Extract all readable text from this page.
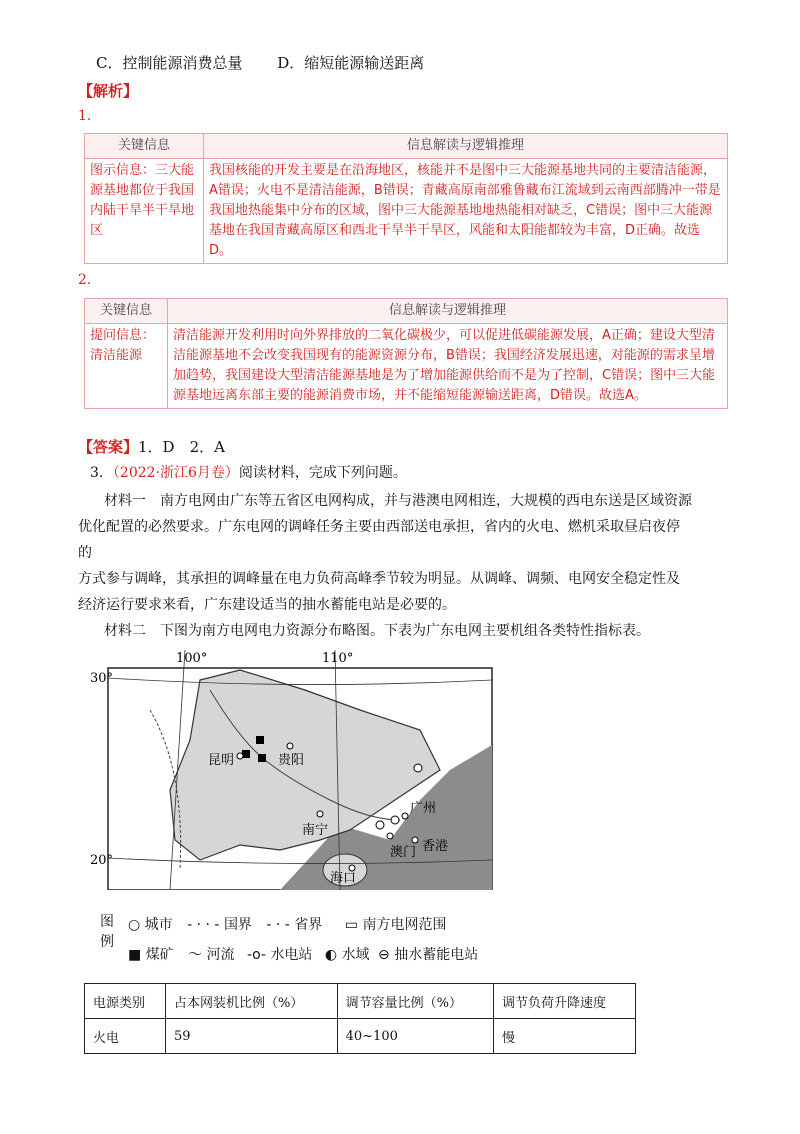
C．控制能源消费总量 D．缩短能源输送距离
【解析】
1.
关键信息	信息解读与逻辑推理
图示信息：三大能源基地都位于我国内陆干旱半干旱地区	我国核能的开发主要是在沿海地区，核能并不是图中三大能源基地共同的主要清洁能源，A错误；火电不是清洁能源，B错误；青藏高原南部雅鲁藏布江流域到云南西部腾冲一带是我国地热能集中分布的区域，图中三大能源基地地热能相对缺乏，C错误；图中三大能源基地在我国青藏高原区和西北干旱半干旱区，风能和太阳能都较为丰富，D正确。故选D。
2.
关键信息	信息解读与逻辑推理
提问信息：清洁能源	清洁能源开发利用时向外界排放的二氧化碳极少，可以促进低碳能源发展，A正确；建设大型清洁能源基地不会改变我国现有的能源资源分布，B错误；我国经济发展迅速，对能源的需求呈增加趋势，我国建设大型清洁能源基地是为了增加能源供给而不是为了控制，C错误；图中三大能源基地远离东部主要的能源消费市场，并不能缩短能源输送距离，D错误。故选A。
【答案】1．D　2．A
3．（2022·浙江6月卷）阅读材料，完成下列问题。
材料一　南方电网由广东等五省区电网构成，并与港澳电网相连，大规模的西电东送是区域资源
优化配置的必然要求。广东电网的调峰任务主要由西部送电承担，省内的火电、燃机采取昼启夜停
的
方式参与调峰，其承担的调峰量在电力负荷高峰季节较为明显。从调峰、调频、电网安全稳定性及
经济运行要求来看，广东建设适当的抽水蓄能电站是必要的。
材料二　下图为南方电网电力资源分布略图。下表为广东电网主要机组各类特性指标表。
100°	110°
30°
20°
昆明	贵阳
南宁
广州
澳门 香港
海口
图例
○ 城市 - · · - 国界 - · - 省界 ▭ 南方电网范围
■ 煤矿 〜 河流 -o- 水电站 ◐ 水域 ⊖ 抽水蓄能电站
电源类别	占本网装机比例（%）	调节容量比例（%）	调节负荷升降速度
火电	59	40~100	慢
